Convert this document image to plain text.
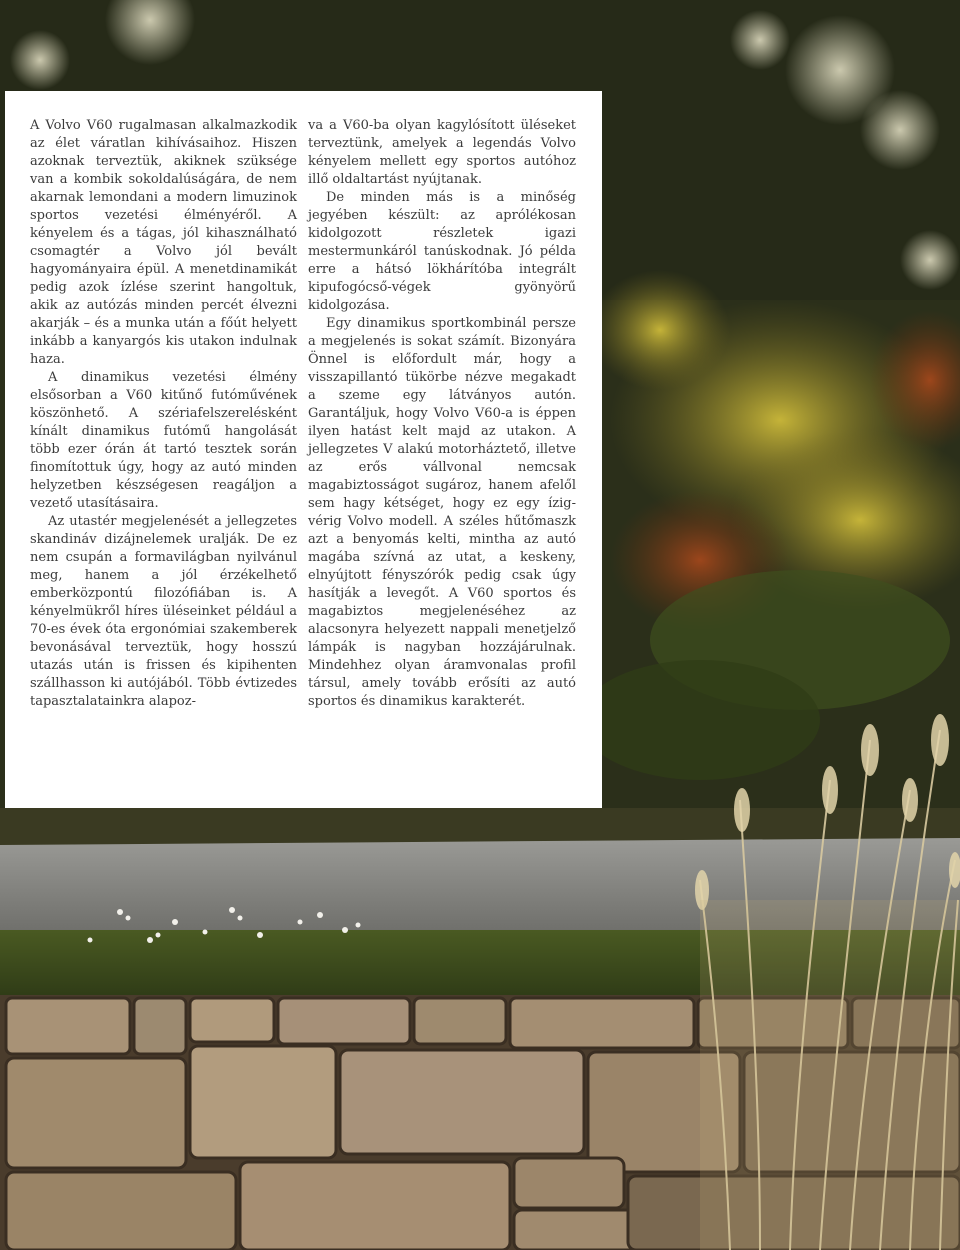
A Volvo V60 rugalmasan alkalmazkodik az élet váratlan kihívásaihoz. Hiszen azoknak terveztük, akiknek szüksége van a kombik sokoldalúságára, de nem akarnak lemondani a modern limuzinok sportos vezetési élményéről. A kényelem és a tágas, jól kihasználható csomagtér a Volvo jól bevált hagyományaira épül. A menetdinamikát pedig azok ízlése szerint hangoltuk, akik az autózás minden percét élvezni akarják – és a munka után a főút helyett inkább a kanyargós kis utakon indulnak haza.

A dinamikus vezetési élmény elsősorban a V60 kitűnő futóművének köszönhető. A szériafelszerelésként kínált dinamikus futómű hangolását több ezer órán át tartó tesztek során finomítottuk úgy, hogy az autó minden helyzetben készségesen reagáljon a vezető utasításaira.

Az utastér megjelenését a jellegzetes skandináv dizájnelemek uralják. De ez nem csupán a formavilágban nyilvánul meg, hanem a jól érzékelhető emberközpontú filozófiában is. A kényelmükről híres üléseinket például a 70-es évek óta ergonómiai szakemberek bevonásával terveztük, hogy hosszú utazás után is frissen és kipihenten szállhasson ki autójából. Több évtizedes tapasztalatainkra alapoz-

va a V60-ba olyan kagylósított üléseket terveztünk, amelyek a legendás Volvo kényelem mellett egy sportos autóhoz illő oldaltartást nyújtanak.

De minden más is a minőség jegyében készült: az aprólékosan kidolgozott részletek igazi mestermunkáról tanúskodnak. Jó példa erre a hátsó lökhárítóba integrált kipufogócső-végek gyönyörű kidolgozása.

Egy dinamikus sportkombinál persze a megjelenés is sokat számít. Bizonyára Önnel is előfordult már, hogy a visszapillantó tükörbe nézve megakadt a szeme egy látványos autón. Garantáljuk, hogy Volvo V60-a is éppen ilyen hatást kelt majd az utakon. A jellegzetes V alakú motorháztető, illetve az erős vállvonal nemcsak magabiztosságot sugároz, hanem afelől sem hagy kétséget, hogy ez egy ízig-vérig Volvo modell. A széles hűtőmaszk azt a benyomás kelti, mintha az autó magába szívná az utat, a keskeny, elnyújtott fényszórók pedig csak úgy hasítják a levegőt. A V60 sportos és magabiztos megjelenéséhez az alacsonyra helyezett nappali menetjelző lámpák is nagyban hozzájárulnak. Mindehhez olyan áramvonalas profil társul, amely tovább erősíti az autó sportos és dinamikus karakterét.
